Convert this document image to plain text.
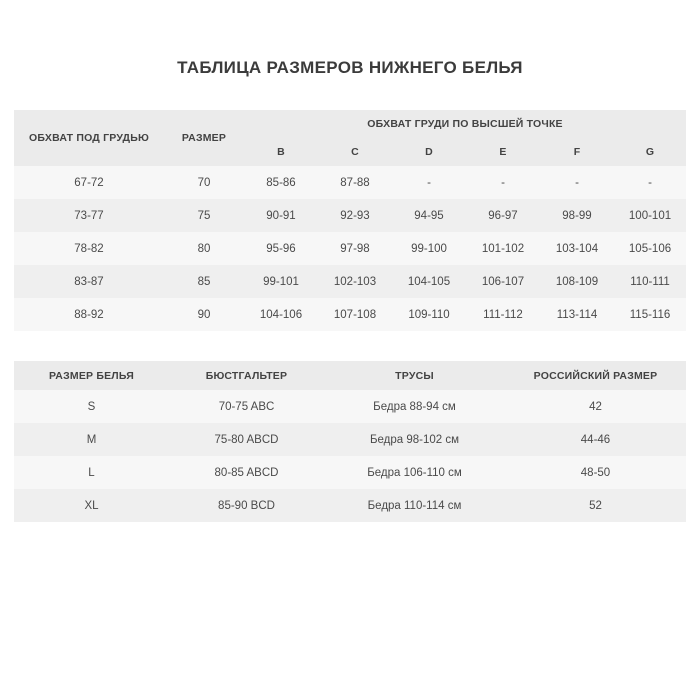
ТАБЛИЦА РАЗМЕРОВ НИЖНЕГО БЕЛЬЯ
ОБХВАТ ПОД ГРУДЬЮ	РАЗМЕР	ОБХВАТ ГРУДИ ПО ВЫСШЕЙ ТОЧКЕ					
		B	C	D	E	F	G
67-72	70	85-86	87-88	-	-	-	-
73-77	75	90-91	92-93	94-95	96-97	98-99	100-101
78-82	80	95-96	97-98	99-100	101-102	103-104	105-106
83-87	85	99-101	102-103	104-105	106-107	108-109	110-111
88-92	90	104-106	107-108	109-110	111-112	113-114	115-116
РАЗМЕР БЕЛЬЯ	БЮСТГАЛЬТЕР	ТРУСЫ	РОССИЙСКИЙ РАЗМЕР
S	70-75 ABC	Бедра 88-94 см	42
M	75-80 ABCD	Бедра 98-102 см	44-46
L	80-85 ABCD	Бедра 106-110 см	48-50
XL	85-90 BCD	Бедра 110-114 см	52
